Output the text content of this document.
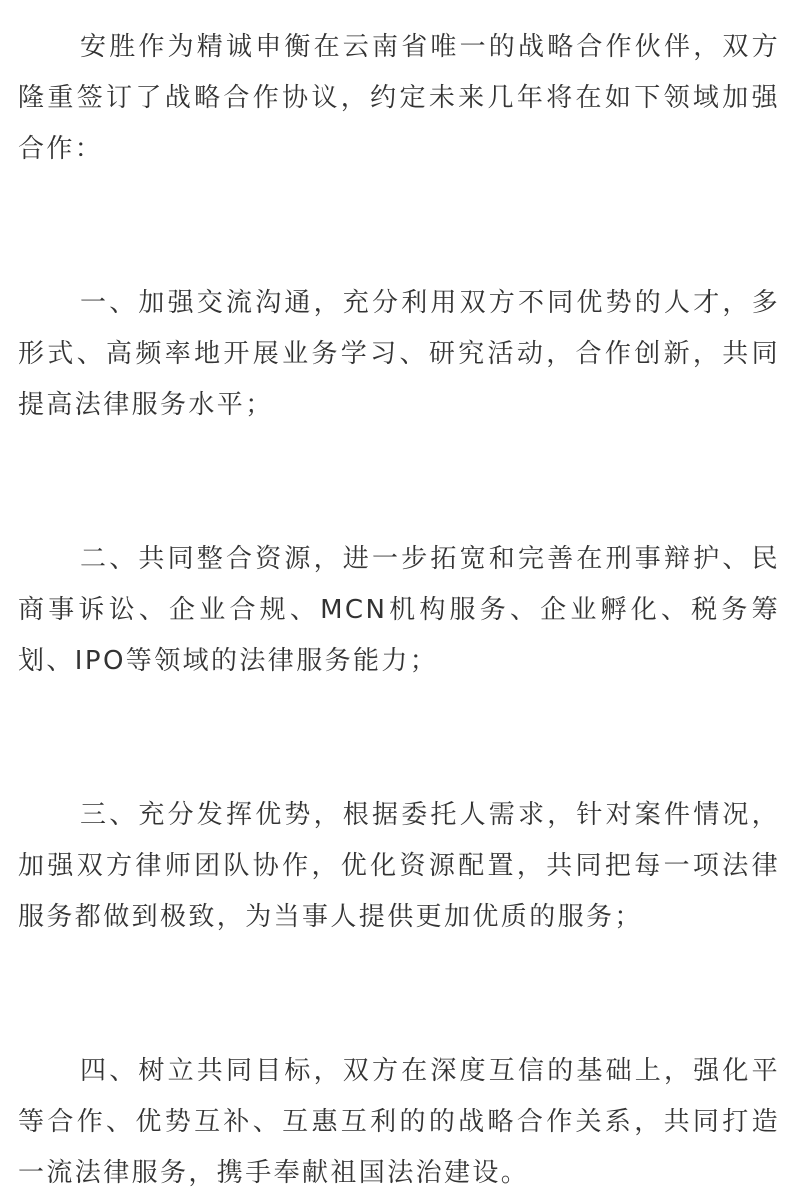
安胜作为精诚申衡在云南省唯一的战略合作伙伴，双方隆重签订了战略合作协议，约定未来几年将在如下领域加强合作：

一、加强交流沟通，充分利用双方不同优势的人才，多形式、高频率地开展业务学习、研究活动，合作创新，共同提高法律服务水平；

二、共同整合资源，进一步拓宽和完善在刑事辩护、民商事诉讼、企业合规、MCN机构服务、企业孵化、税务筹划、IPO等领域的法律服务能力；

三、充分发挥优势，根据委托人需求，针对案件情况，加强双方律师团队协作，优化资源配置，共同把每一项法律服务都做到极致，为当事人提供更加优质的服务；

四、树立共同目标，双方在深度互信的基础上，强化平等合作、优势互补、互惠互利的的战略合作关系，共同打造一流法律服务，携手奉献祖国法治建设。
